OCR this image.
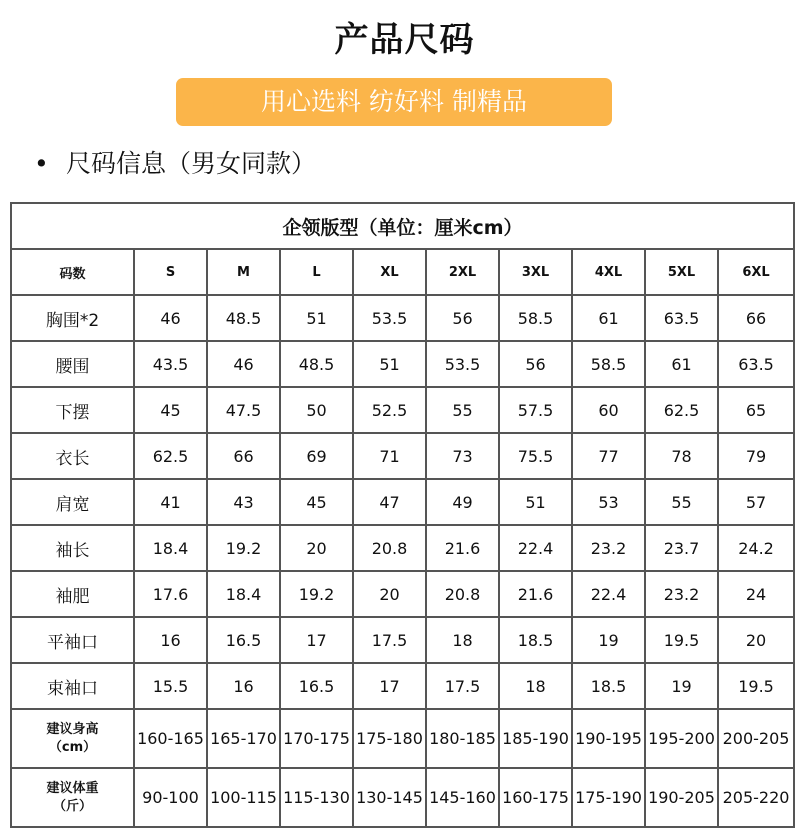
产品尺码
用心选料 纺好料 制精品
• 尺码信息（男女同款）
企领版型（单位：厘米cm）									
码数	S	M	L	XL	2XL	3XL	4XL	5XL	6XL
胸围*2	46	48.5	51	53.5	56	58.5	61	63.5	66
腰围	43.5	46	48.5	51	53.5	56	58.5	61	63.5
下摆	45	47.5	50	52.5	55	57.5	60	62.5	65
衣长	62.5	66	69	71	73	75.5	77	78	79
肩宽	41	43	45	47	49	51	53	55	57
袖长	18.4	19.2	20	20.8	21.6	22.4	23.2	23.7	24.2
袖肥	17.6	18.4	19.2	20	20.8	21.6	22.4	23.2	24
平袖口	16	16.5	17	17.5	18	18.5	19	19.5	20
束袖口	15.5	16	16.5	17	17.5	18	18.5	19	19.5

建议身高
（cm）	160-165	165-170	170-175	175-180	180-185	185-190	190-195	195-200	200-205

建议体重
（斤）	90-100	100-115	115-130	130-145	145-160	160-175	175-190	190-205	205-220
